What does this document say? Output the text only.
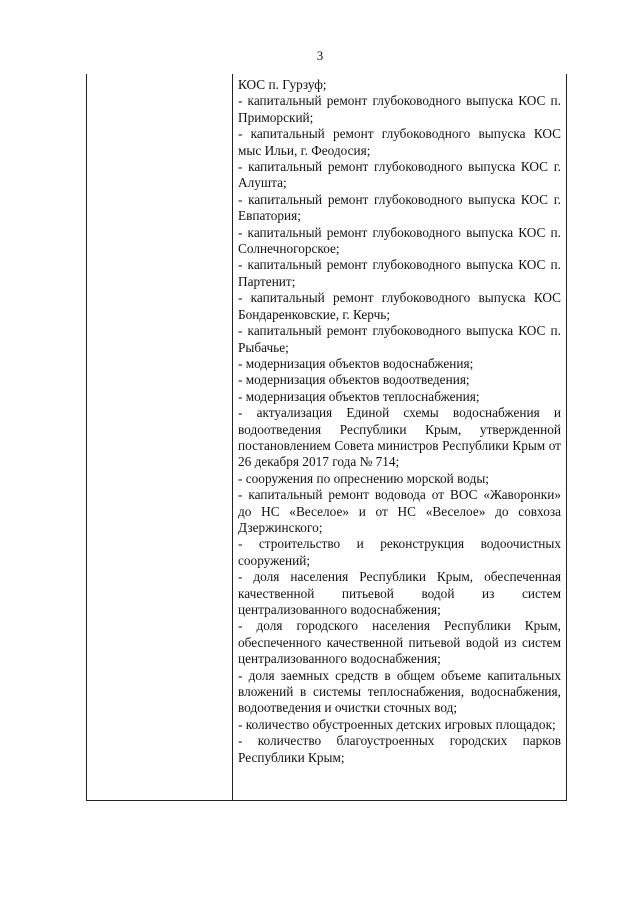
3

КОС п. Гурзуф;

- капитальный ремонт глубоководного выпуска КОС п. Приморский;

- капитальный ремонт глубоководного выпуска КОС мыс Ильи, г. Феодосия;

- капитальный ремонт глубоководного выпуска КОС г. Алушта;

- капитальный ремонт глубоководного выпуска КОС г. Евпатория;

- капитальный ремонт глубоководного выпуска КОС п. Солнечногорское;

- капитальный ремонт глубоководного выпуска КОС п. Партенит;

- капитальный ремонт глубоководного выпуска КОС Бондаренковские, г. Керчь;

- капитальный ремонт глубоководного выпуска КОС п. Рыбачье;

- модернизация объектов водоснабжения;

- модернизация объектов водоотведения;

- модернизация объектов теплоснабжения;

- актуализация Единой схемы водоснабжения и водоотведения Республики Крым, утвержденной постановлением Совета министров Республики Крым от 26 декабря 2017 года № 714;

- сооружения по опреснению морской воды;

- капитальный ремонт водовода от ВОС «Жаворонки» до НС «Веселое» и от НС «Веселое» до совхоза Дзержинского;

- строительство и реконструкция водоочистных сооружений;

- доля населения Республики Крым, обеспеченная качественной питьевой водой из систем централизованного водоснабжения;

- доля городского населения Республики Крым, обеспеченного качественной питьевой водой из систем централизованного водоснабжения;

- доля заемных средств в общем объеме капитальных вложений в системы теплоснабжения, водоснабжения, водоотведения и очистки сточных вод;

- количество обустроенных детских игровых площадок;

- количество благоустроенных городских парков Республики Крым;
